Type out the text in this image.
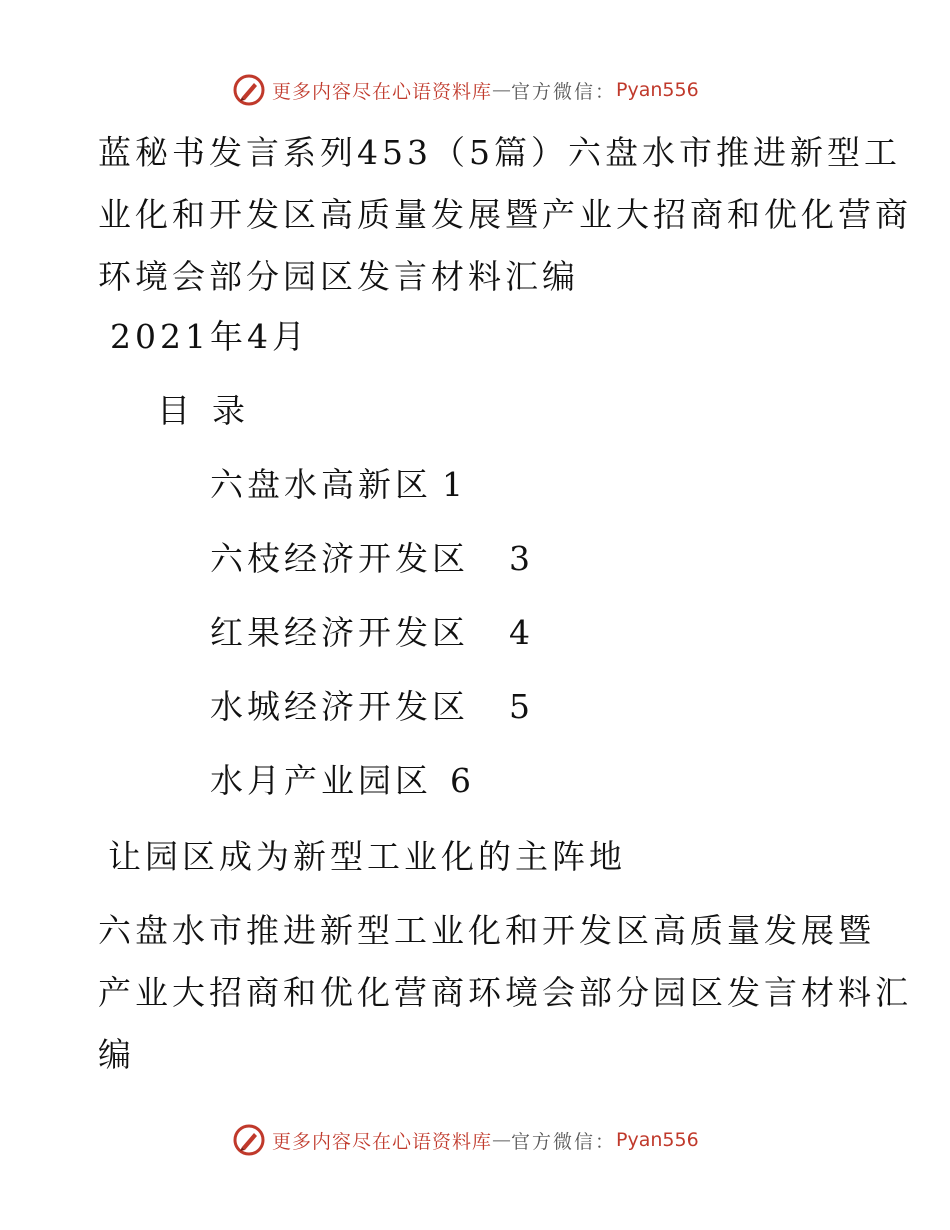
更多内容尽在心语资料库 — 官方微信： Pyan556
蓝秘书发言系列453（5篇）六盘水市推进新型工
业化和开发区高质量发展暨产业大招商和优化营商
环境会部分园区发言材料汇编
2021年4月
目录
六盘水高新区 1
六枝经济开发区 3
红果经济开发区 4
水城经济开发区 5
水月产业园区 6
让园区成为新型工业化的主阵地
六盘水市推进新型工业化和开发区高质量发展暨
产业大招商和优化营商环境会部分园区发言材料汇
编
更多内容尽在心语资料库 — 官方微信： Pyan556
